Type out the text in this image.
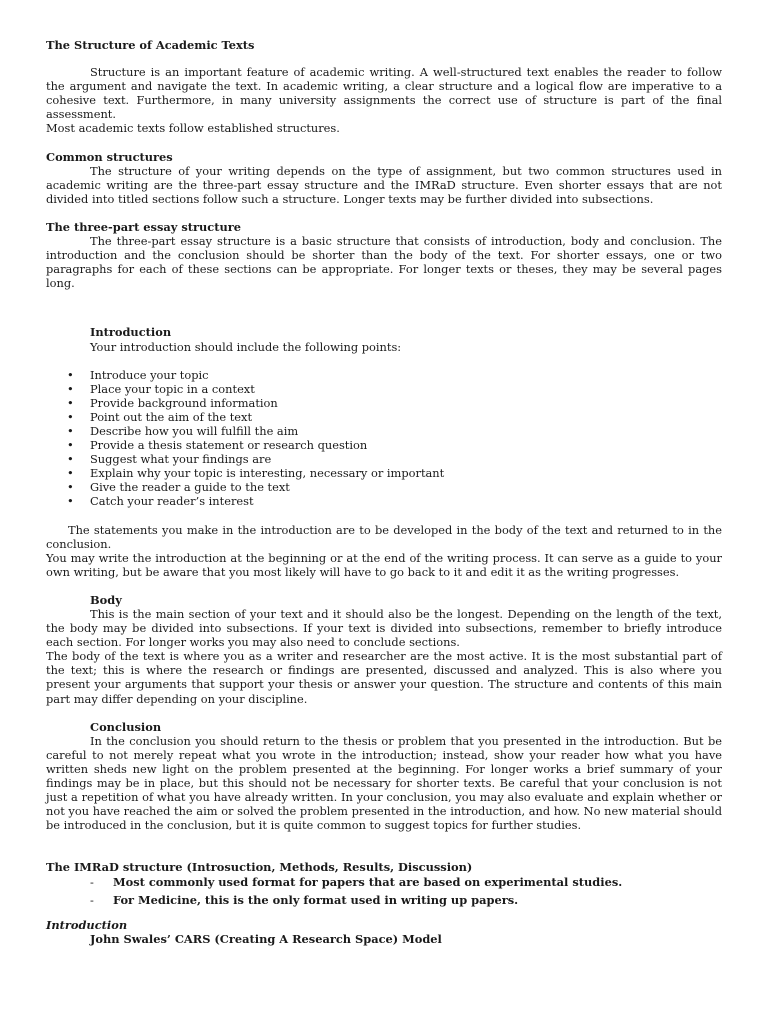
The Structure of Academic Texts
Structure is an important feature of academic writing. A well-structured text enables the reader to follow the argument and navigate the text. In academic writing, a clear structure and a logical flow are imperative to a cohesive text. Furthermore, in many university assignments the correct use of structure is part of the final assessment.
Most academic texts follow established structures.
Common structures
The structure of your writing depends on the type of assignment, but two common structures used in academic writing are the three-part essay structure and the IMRaD structure. Even shorter essays that are not divided into titled sections follow such a structure. Longer texts may be further divided into subsections.
The three-part essay structure
The three-part essay structure is a basic structure that consists of introduction, body and conclusion. The introduction and the conclusion should be shorter than the body of the text. For shorter essays, one or two paragraphs for each of these sections can be appropriate. For longer texts or theses, they may be several pages long.
Introduction
Your introduction should include the following points:
• Introduce your topic
• Place your topic in a context
• Provide background information
• Point out the aim of the text
• Describe how you will fulfill the aim
• Provide a thesis statement or research question
• Suggest what your findings are
• Explain why your topic is interesting, necessary or important
• Give the reader a guide to the text
• Catch your reader’s interest
The statements you make in the introduction are to be developed in the body of the text and returned to in the conclusion.
You may write the introduction at the beginning or at the end of the writing process. It can serve as a guide to your own writing, but be aware that you most likely will have to go back to it and edit it as the writing progresses.
Body
This is the main section of your text and it should also be the longest. Depending on the length of the text, the body may be divided into subsections. If your text is divided into subsections, remember to briefly introduce each section. For longer works you may also need to conclude sections.
The body of the text is where you as a writer and researcher are the most active. It is the most substantial part of the text; this is where the research or findings are presented, discussed and analyzed. This is also where you present your arguments that support your thesis or answer your question. The structure and contents of this main part may differ depending on your discipline.
Conclusion
In the conclusion you should return to the thesis or problem that you presented in the introduction. But be careful to not merely repeat what you wrote in the introduction; instead, show your reader how what you have written sheds new light on the problem presented at the beginning. For longer works a brief summary of your findings may be in place, but this should not be necessary for shorter texts. Be careful that your conclusion is not just a repetition of what you have already written. In your conclusion, you may also evaluate and explain whether or not you have reached the aim or solved the problem presented in the introduction, and how. No new material should be introduced in the conclusion, but it is quite common to suggest topics for further studies.
The IMRaD structure (Introsuction, Methods, Results, Discussion)
- Most commonly used format for papers that are based on experimental studies.
- For Medicine, this is the only format used in writing up papers.
Introduction
John Swales’ CARS (Creating A Research Space) Model
